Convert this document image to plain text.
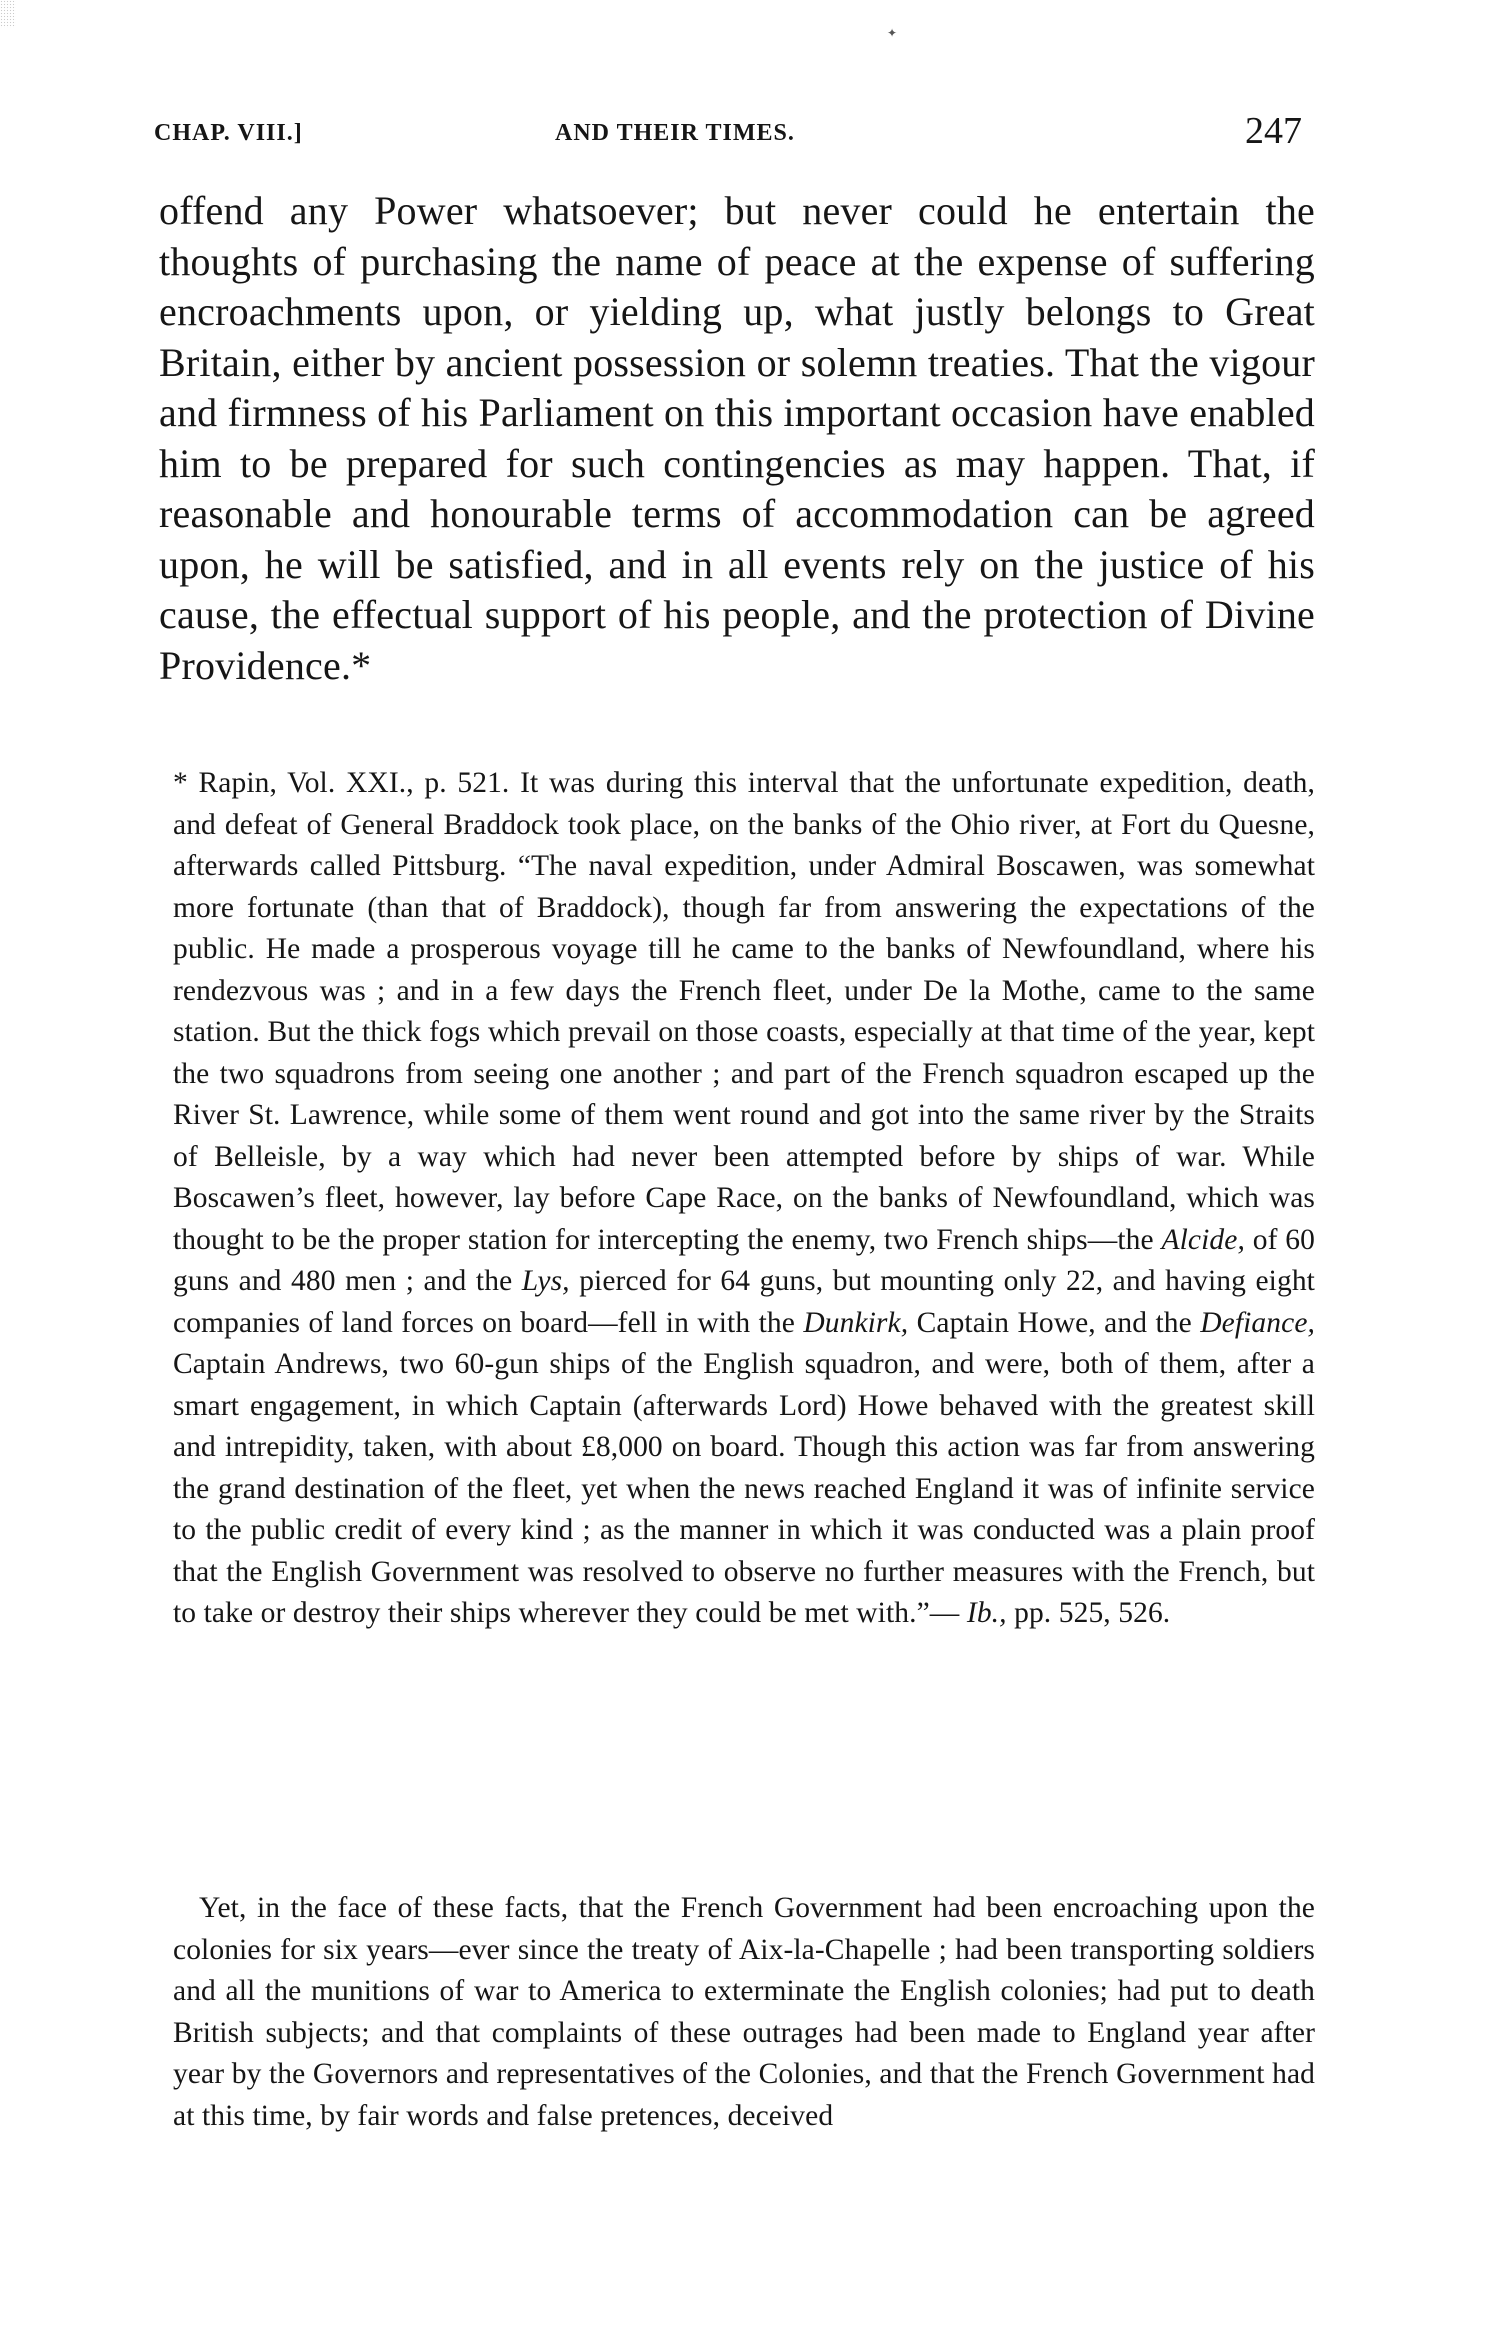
✦
CHAP. VIII.]	AND THEIR TIMES.	247

offend any Power whatsoever; but never could he entertain the thoughts of purchasing the name of peace at the expense of suffering encroachments upon, or yielding up, what justly belongs to Great Britain, either by ancient possession or solemn treaties. That the vigour and firmness of his Parliament on this important occasion have enabled him to be prepared for such contingencies as may happen. That, if reasonable and honourable terms of accommodation can be agreed upon, he will be satisfied, and in all events rely on the justice of his cause, the effectual support of his people, and the protection of Divine Providence.*

* Rapin, Vol. XXI., p. 521. It was during this interval that the unfortunate expedition, death, and defeat of General Braddock took place, on the banks of the Ohio river, at Fort du Quesne, afterwards called Pittsburg. “The naval expedition, under Admiral Boscawen, was somewhat more fortunate (than that of Braddock), though far from answering the expectations of the public. He made a prosperous voyage till he came to the banks of Newfoundland, where his rendezvous was ; and in a few days the French fleet, under De la Mothe, came to the same station. But the thick fogs which prevail on those coasts, especially at that time of the year, kept the two squadrons from seeing one another ; and part of the French squadron escaped up the River St. Lawrence, while some of them went round and got into the same river by the Straits of Belleisle, by a way which had never been attempted before by ships of war. While Boscawen’s fleet, however, lay before Cape Race, on the banks of Newfoundland, which was thought to be the proper station for intercepting the enemy, two French ships—the Alcide, of 60 guns and 480 men ; and the Lys, pierced for 64 guns, but mounting only 22, and having eight companies of land forces on board—fell in with the Dunkirk, Captain Howe, and the Defiance, Captain Andrews, two 60-gun ships of the English squadron, and were, both of them, after a smart engagement, in which Captain (afterwards Lord) Howe behaved with the greatest skill and intrepidity, taken, with about £8,000 on board. Though this action was far from answering the grand destination of the fleet, yet when the news reached England it was of infinite service to the public credit of every kind ; as the manner in which it was conducted was a plain proof that the English Government was resolved to observe no further measures with the French, but to take or destroy their ships wherever they could be met with.”— Ib., pp. 525, 526.

Yet, in the face of these facts, that the French Government had been encroaching upon the colonies for six years—ever since the treaty of Aix-la-Chapelle ; had been transporting soldiers and all the munitions of war to America to exterminate the English colonies; had put to death British subjects; and that complaints of these outrages had been made to England year after year by the Governors and representatives of the Colonies, and that the French Government had at this time, by fair words and false pretences, deceived
